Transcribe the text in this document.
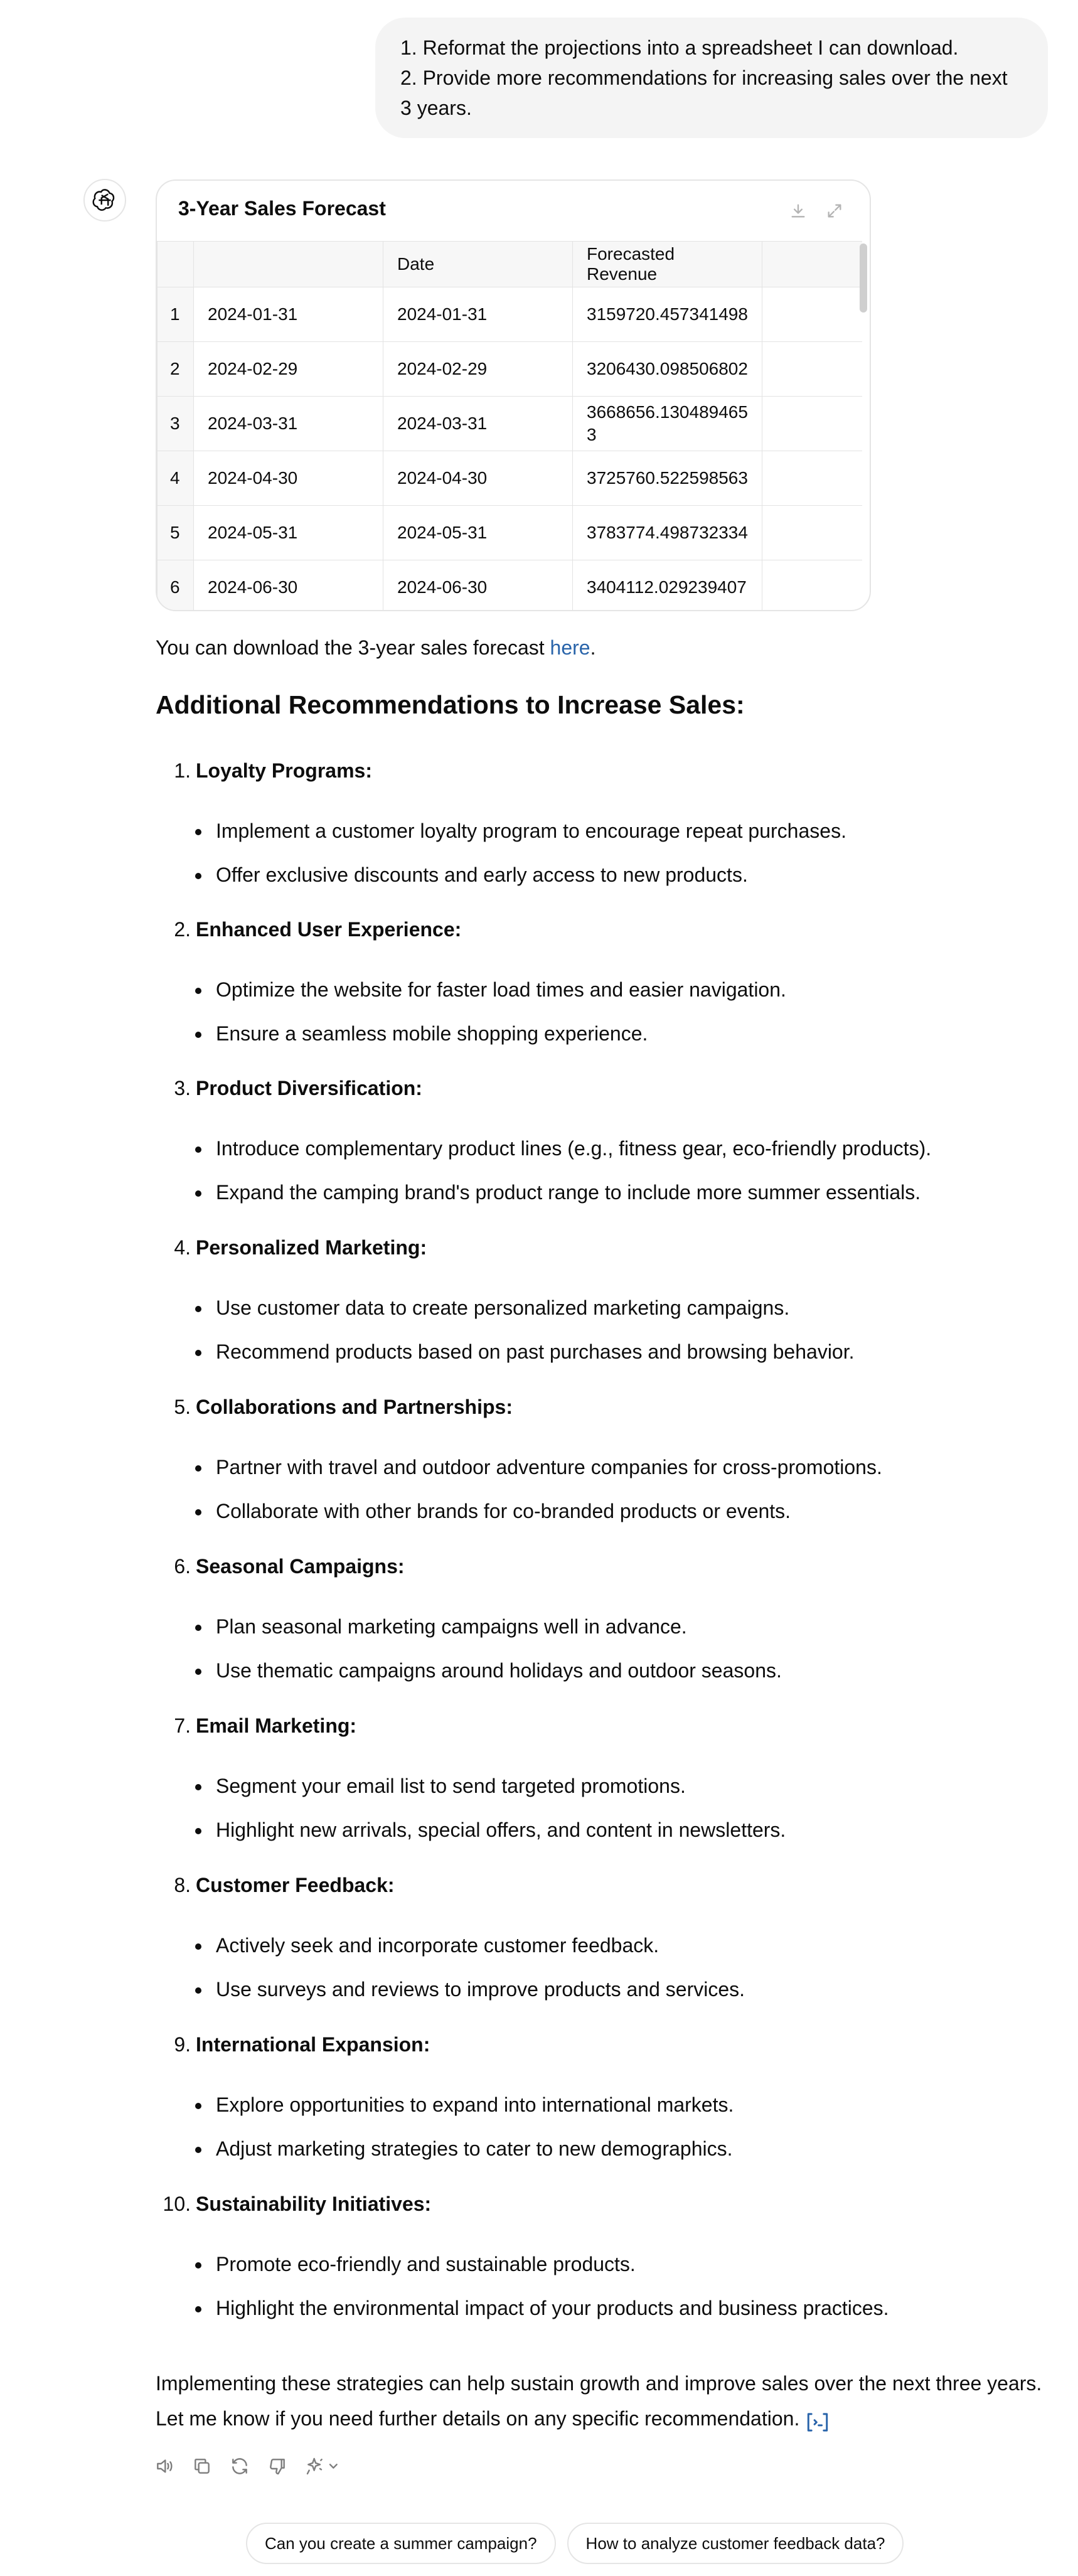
1. Reformat the projections into a spreadsheet I can download.
2. Provide more recommendations for increasing sales over the next 3 years.
3-Year Sales Forecast
		Date	Forecasted Revenue	
1	2024-01-31	2024-01-31	3159720.457341498	
2	2024-02-29	2024-02-29	3206430.098506802	
3	2024-03-31	2024-03-31	3668656.1304894653	
4	2024-04-30	2024-04-30	3725760.522598563	
5	2024-05-31	2024-05-31	3783774.498732334	
6	2024-06-30	2024-06-30	3404112.029239407	
You can download the 3-year sales forecast here.
Additional Recommendations to Increase Sales:
1. Loyalty Programs:
Implement a customer loyalty program to encourage repeat purchases.
Offer exclusive discounts and early access to new products.
2. Enhanced User Experience:
Optimize the website for faster load times and easier navigation.
Ensure a seamless mobile shopping experience.
3. Product Diversification:
Introduce complementary product lines (e.g., fitness gear, eco-friendly products).
Expand the camping brand's product range to include more summer essentials.
4. Personalized Marketing:
Use customer data to create personalized marketing campaigns.
Recommend products based on past purchases and browsing behavior.
5. Collaborations and Partnerships:
Partner with travel and outdoor adventure companies for cross-promotions.
Collaborate with other brands for co-branded products or events.
6. Seasonal Campaigns:
Plan seasonal marketing campaigns well in advance.
Use thematic campaigns around holidays and outdoor seasons.
7. Email Marketing:
Segment your email list to send targeted promotions.
Highlight new arrivals, special offers, and content in newsletters.
8. Customer Feedback:
Actively seek and incorporate customer feedback.
Use surveys and reviews to improve products and services.
9. International Expansion:
Explore opportunities to expand into international markets.
Adjust marketing strategies to cater to new demographics.
10. Sustainability Initiatives:
Promote eco-friendly and sustainable products.
Highlight the environmental impact of your products and business practices.
Implementing these strategies can help sustain growth and improve sales over the next three years. Let me know if you need further details on any specific recommendation.
Can you create a summer campaign?	How to analyze customer feedback data?
